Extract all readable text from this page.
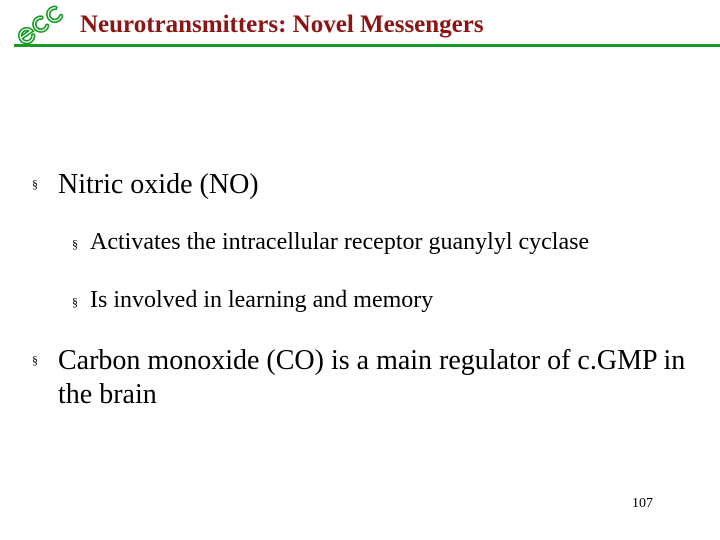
Neurotransmitters: Novel Messengers
§ Nitric oxide (NO)
§ Activates the intracellular receptor guanylyl cyclase
§ Is involved in learning and memory
§ Carbon monoxide (CO) is a main regulator of c.GMP in the brain
107
